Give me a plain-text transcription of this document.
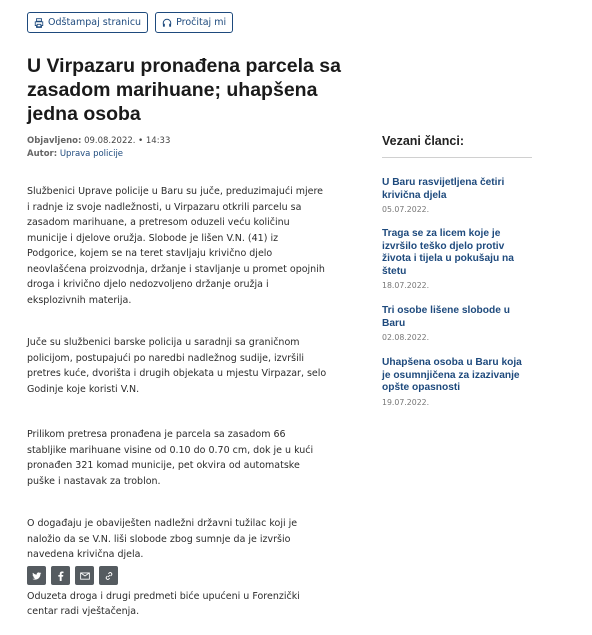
Odštampaj stranicu	Pročitaj mi
U Virpazaru pronađena parcela sa zasadom marihuane; uhapšena jedna osoba
Objavljeno: 09.08.2022. • 14:33
Autor: Uprava policije

Službenici Uprave policije u Baru su juče, preduzimajući mjere i radnje iz svoje nadležnosti, u Virpazaru otkrili parcelu sa zasadom marihuane, a pretresom oduzeli veću količinu municije i djelove oružja. Slobode je lišen V.N. (41) iz Podgorice, kojem se na teret stavljaju krivično djelo neovlašćena proizvodnja, držanje i stavljanje u promet opojnih droga i krivično djelo nedozvoljeno držanje oružja i eksplozivnih materija.

Juče su službenici barske policija u saradnji sa graničnom policijom, postupajući po naredbi nadležnog sudije, izvršili pretres kuće, dvorišta i drugih objekata u mjestu Virpazar, selo Godinje koje koristi V.N.

Prilikom pretresa pronađena je parcela sa zasadom 66 stabljike marihuane visine od 0.10 do 0.70 cm, dok je u kući pronađen 321 komad municije, pet okvira od automatske puške i nastavak za troblon.

O događaju je obaviješten nadležni državni tužilac koji je naložio da se V.N. liši slobode zbog sumnje da je izvršio navedena krivična djela.

Oduzeta droga i drugi predmeti biće upućeni u Forenzički centar radi vještačenja.

Vezani članci:
U Baru rasvijetljena četiri krivična djela
05.07.2022.
Traga se za licem koje je izvršilo teško djelo protiv života i tijela u pokušaju na štetu
18.07.2022.
Tri osobe lišene slobode u Baru
02.08.2022.
Uhapšena osoba u Baru koja je osumnjičena za izazivanje opšte opasnosti
19.07.2022.
